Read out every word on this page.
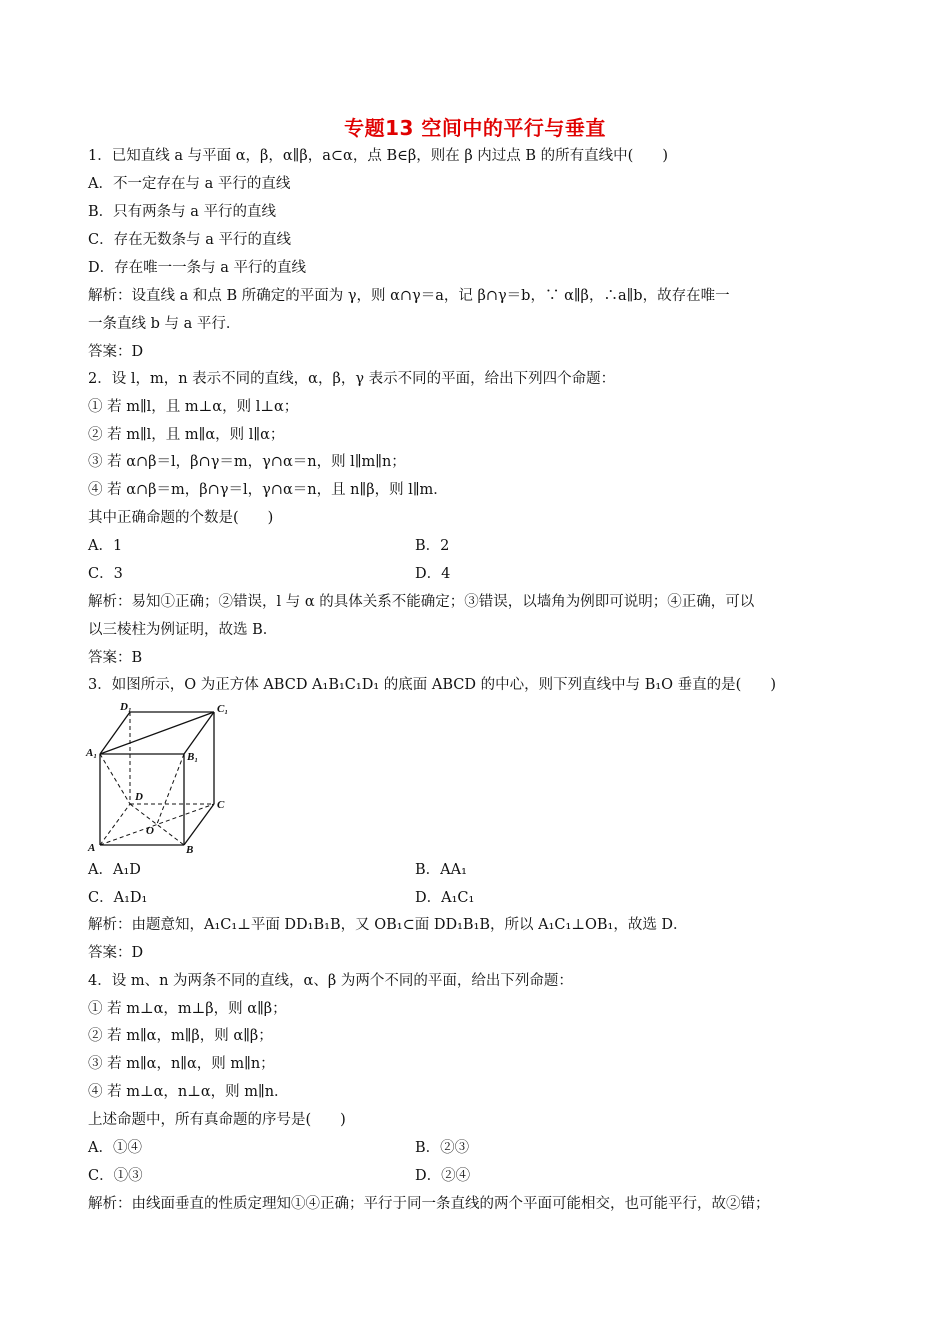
专题13 空间中的平行与垂直
1．已知直线 a 与平面 α，β，α∥β，a⊂α，点 B∈β，则在 β 内过点 B 的所有直线中(　　)
A．不一定存在与 a 平行的直线
B．只有两条与 a 平行的直线
C．存在无数条与 a 平行的直线
D．存在唯一一条与 a 平行的直线
解析：设直线 a 和点 B 所确定的平面为 γ，则 α∩γ＝a，记 β∩γ＝b，∵ α∥β，∴a∥b，故存在唯一
一条直线 b 与 a 平行．
答案：D
2．设 l，m，n 表示不同的直线，α，β，γ 表示不同的平面，给出下列四个命题：
① 若 m∥l，且 m⊥α，则 l⊥α；
② 若 m∥l，且 m∥α，则 l∥α；
③ 若 α∩β＝l，β∩γ＝m，γ∩α＝n，则 l∥m∥n；
④ 若 α∩β＝m，β∩γ＝l，γ∩α＝n，且 n∥β，则 l∥m．
其中正确命题的个数是(　　)
A．1	B．2
C．3	D．4
解析：易知①正确；②错误，l 与 α 的具体关系不能确定；③错误，以墙角为例即可说明；④正确，可以
以三棱柱为例证明，故选 B．
答案：B
3．如图所示，O 为正方体 ABCD A₁B₁C₁D₁ 的底面 ABCD 的中心，则下列直线中与 B₁O 垂直的是(　　)
D₁	C₁
A₁	B₁
D
C
O
A	B
A．A₁D	B．AA₁
C．A₁D₁	D．A₁C₁
解析：由题意知，A₁C₁⊥平面 DD₁B₁B，又 OB₁⊂面 DD₁B₁B，所以 A₁C₁⊥OB₁，故选 D．
答案：D
4．设 m、n 为两条不同的直线，α、β 为两个不同的平面，给出下列命题：
① 若 m⊥α，m⊥β，则 α∥β；
② 若 m∥α，m∥β，则 α∥β；
③ 若 m∥α，n∥α，则 m∥n；
④ 若 m⊥α，n⊥α，则 m∥n．
上述命题中，所有真命题的序号是(　　)
A．①④	B．②③
C．①③	D．②④
解析：由线面垂直的性质定理知①④正确；平行于同一条直线的两个平面可能相交，也可能平行，故②错；
